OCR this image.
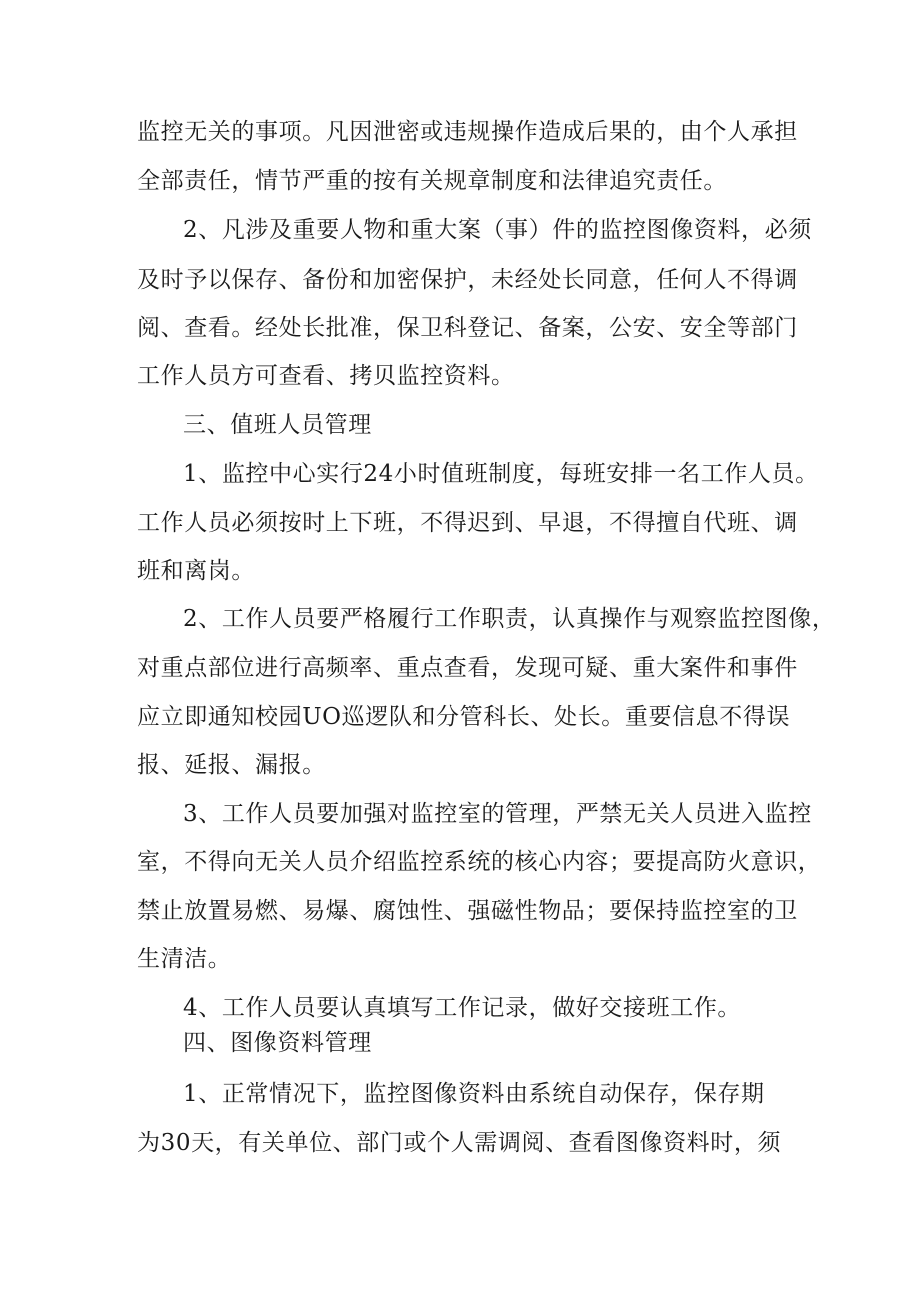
监控无关的事项。凡因泄密或违规操作造成后果的，由个人承担
全部责任，情节严重的按有关规章制度和法律追究责任。
2、凡涉及重要人物和重大案（事）件的监控图像资料，必须
及时予以保存、备份和加密保护，未经处长同意，任何人不得调
阅、查看。经处长批准，保卫科登记、备案，公安、安全等部门
工作人员方可查看、拷贝监控资料。
三、值班人员管理
1、监控中心实行24小时值班制度，每班安排一名工作人员。
工作人员必须按时上下班，不得迟到、早退，不得擅自代班、调
班和离岗。
2、工作人员要严格履行工作职责，认真操作与观察监控图像，
对重点部位进行高频率、重点查看，发现可疑、重大案件和事件
应立即通知校园UO巡逻队和分管科长、处长。重要信息不得误
报、延报、漏报。
3、工作人员要加强对监控室的管理，严禁无关人员进入监控
室，不得向无关人员介绍监控系统的核心内容；要提高防火意识，
禁止放置易燃、易爆、腐蚀性、强磁性物品；要保持监控室的卫
生清洁。
4、工作人员要认真填写工作记录，做好交接班工作。
四、图像资料管理
1、正常情况下，监控图像资料由系统自动保存，保存期
为30天，有关单位、部门或个人需调阅、查看图像资料时，须
